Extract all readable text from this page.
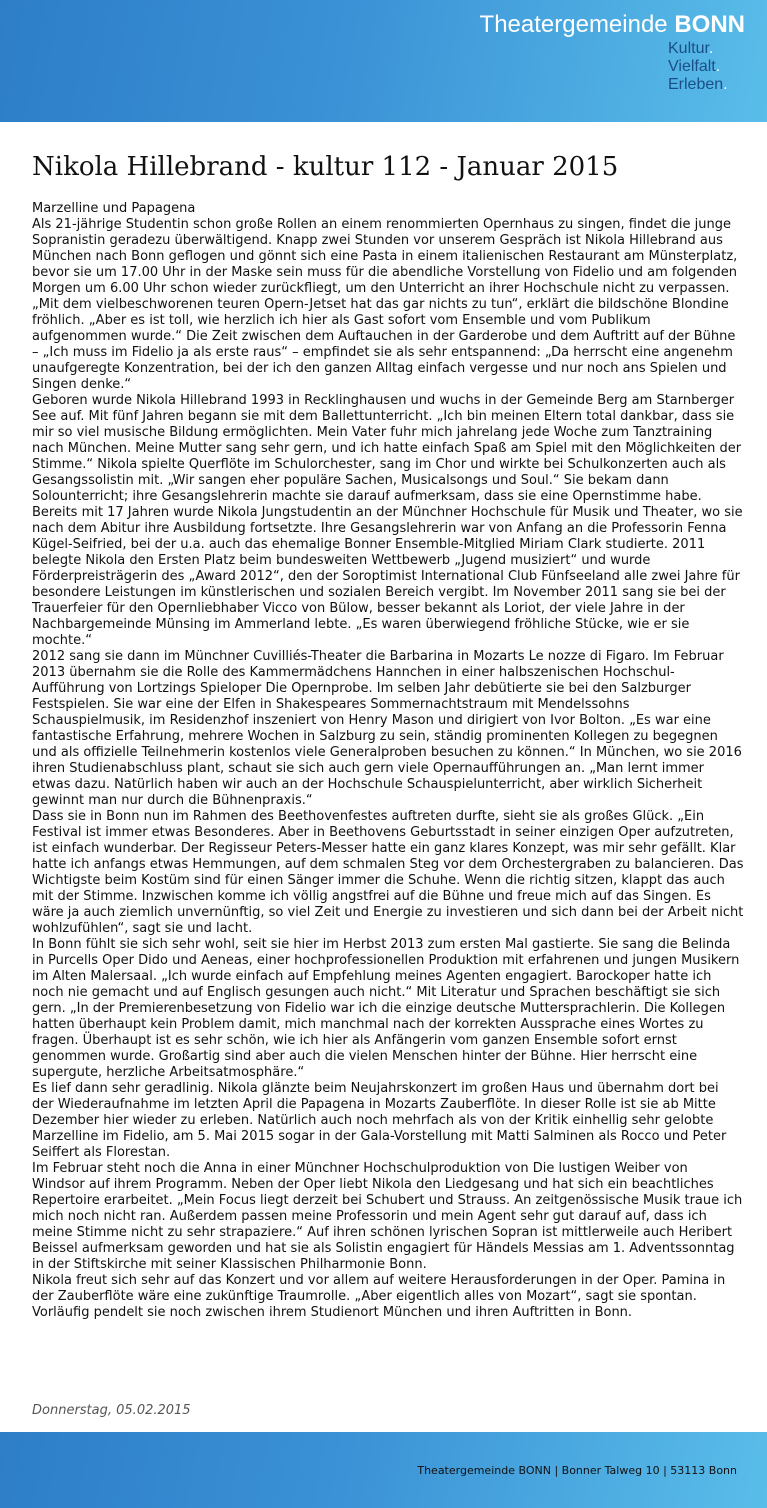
Theatergemeinde BONN
Kultur.
Vielfalt.
Erleben.
Nikola Hillebrand - kultur 112 - Januar 2015

Marzelline und Papagena

Als 21-jährige Studentin schon große Rollen an einem renommierten Opernhaus zu singen, findet die junge Sopranistin geradezu überwältigend. Knapp zwei Stunden vor unserem Gespräch ist Nikola Hillebrand aus München nach Bonn geflogen und gönnt sich eine Pasta in einem italienischen Restaurant am Münsterplatz, bevor sie um 17.00 Uhr in der Maske sein muss für die abendliche Vorstellung von Fidelio und am folgenden Morgen um 6.00 Uhr schon wieder zurückfliegt, um den Unterricht an ihrer Hochschule nicht zu verpassen. „Mit dem vielbeschworenen teuren Opern-Jetset hat das gar nichts zu tun“, erklärt die bildschöne Blondine fröhlich. „Aber es ist toll, wie herzlich ich hier als Gast sofort vom Ensemble und vom Publikum aufgenommen wurde.“ Die Zeit zwischen dem Auftauchen in der Garderobe und dem Auftritt auf der Bühne – „Ich muss im Fidelio ja als erste raus“ – empfindet sie als sehr entspannend: „Da herrscht eine angenehm unaufgeregte Konzentration, bei der ich den ganzen Alltag einfach vergesse und nur noch ans Spielen und Singen denke.“

Geboren wurde Nikola Hillebrand 1993 in Recklinghausen und wuchs in der Gemeinde Berg am Starnberger See auf. Mit fünf Jahren begann sie mit dem Ballettunterricht. „Ich bin meinen Eltern total dankbar, dass sie mir so viel musische Bildung ermöglichten. Mein Vater fuhr mich jahrelang jede Woche zum Tanztraining nach München. Meine Mutter sang sehr gern, und ich hatte einfach Spaß am Spiel mit den Möglichkeiten der Stimme.“ Nikola spielte Querflöte im Schulorchester, sang im Chor und wirkte bei Schulkonzerten auch als Gesangssolistin mit. „Wir sangen eher populäre Sachen, Musicalsongs und Soul.“ Sie bekam dann Solounterricht; ihre Gesangslehrerin machte sie darauf aufmerksam, dass sie eine Opernstimme habe.

Bereits mit 17 Jahren wurde Nikola Jungstudentin an der Münchner Hochschule für Musik und Theater, wo sie nach dem Abitur ihre Ausbildung fortsetzte. Ihre Gesangslehrerin war von Anfang an die Professorin Fenna Kügel-Seifried, bei der u.a. auch das ehemalige Bonner Ensemble-Mitglied Miriam Clark studierte. 2011 belegte Nikola den Ersten Platz beim bundesweiten Wettbewerb „Jugend musiziert“ und wurde Förderpreisträgerin des „Award 2012“, den der Soroptimist International Club Fünfseeland alle zwei Jahre für besondere Leistungen im künstlerischen und sozialen Bereich vergibt. Im November 2011 sang sie bei der Trauerfeier für den Opernliebhaber Vicco von Bülow, besser bekannt als Loriot, der viele Jahre in der Nachbargemeinde Münsing im Ammerland lebte. „Es waren überwiegend fröhliche Stücke, wie er sie mochte.“

2012 sang sie dann im Münchner Cuvilliés-Theater die Barbarina in Mozarts Le nozze di Figaro. Im Februar 2013 übernahm sie die Rolle des Kammermädchens Hannchen in einer halbszenischen Hochschul-Aufführung von Lortzings Spieloper Die Opernprobe. Im selben Jahr debütierte sie bei den Salzburger Festspielen. Sie war eine der Elfen in Shakespeares Sommernachtstraum mit Mendelssohns Schauspielmusik, im Residenzhof inszeniert von Henry Mason und dirigiert von Ivor Bolton. „Es war eine fantastische Erfahrung, mehrere Wochen in Salzburg zu sein, ständig prominenten Kollegen zu begegnen und als offizielle Teilnehmerin kostenlos viele Generalproben besuchen zu können.“ In München, wo sie 2016 ihren Studienabschluss plant, schaut sie sich auch gern viele Opernaufführungen an. „Man lernt immer etwas dazu. Natürlich haben wir auch an der Hochschule Schauspielunterricht, aber wirklich Sicherheit gewinnt man nur durch die Bühnenpraxis.“

Dass sie in Bonn nun im Rahmen des Beethovenfestes auftreten durfte, sieht sie als großes Glück. „Ein Festival ist immer etwas Besonderes. Aber in Beethovens Geburtsstadt in seiner einzigen Oper aufzutreten, ist einfach wunderbar. Der Regisseur Peters-Messer hatte ein ganz klares Konzept, was mir sehr gefällt. Klar hatte ich anfangs etwas Hemmungen, auf dem schmalen Steg vor dem Orchestergraben zu balancieren. Das Wichtigste beim Kostüm sind für einen Sänger immer die Schuhe. Wenn die richtig sitzen, klappt das auch mit der Stimme. Inzwischen komme ich völlig angstfrei auf die Bühne und freue mich auf das Singen. Es wäre ja auch ziemlich unvernünftig, so viel Zeit und Energie zu investieren und sich dann bei der Arbeit nicht wohlzufühlen“, sagt sie und lacht.

In Bonn fühlt sie sich sehr wohl, seit sie hier im Herbst 2013 zum ersten Mal gastierte. Sie sang die Belinda in Purcells Oper Dido und Aeneas, einer hochprofessionellen Produktion mit erfahrenen und jungen Musikern im Alten Malersaal. „Ich wurde einfach auf Empfehlung meines Agenten engagiert. Barockoper hatte ich noch nie gemacht und auf Englisch gesungen auch nicht.“ Mit Literatur und Sprachen beschäftigt sie sich gern. „In der Premierenbesetzung von Fidelio war ich die einzige deutsche Muttersprachlerin. Die Kollegen hatten überhaupt kein Problem damit, mich manchmal nach der korrekten Aussprache eines Wortes zu fragen. Überhaupt ist es sehr schön, wie ich hier als Anfängerin vom ganzen Ensemble sofort ernst genommen wurde. Großartig sind aber auch die vielen Menschen hinter der Bühne. Hier herrscht eine supergute, herzliche Arbeitsatmosphäre.“

Es lief dann sehr geradlinig. Nikola glänzte beim Neujahrskonzert im großen Haus und übernahm dort bei der Wiederaufnahme im letzten April die Papagena in Mozarts Zauberflöte. In dieser Rolle ist sie ab Mitte Dezember hier wieder zu erleben. Natürlich auch noch mehrfach als von der Kritik einhellig sehr gelobte Marzelline im Fidelio, am 5. Mai 2015 sogar in der Gala-Vorstellung mit Matti Salminen als Rocco und Peter Seiffert als Florestan.

Im Februar steht noch die Anna in einer Münchner Hochschulproduktion von Die lustigen Weiber von Windsor auf ihrem Programm. Neben der Oper liebt Nikola den Liedgesang und hat sich ein beachtliches Repertoire erarbeitet. „Mein Focus liegt derzeit bei Schubert und Strauss. An zeitgenössische Musik traue ich mich noch nicht ran. Außerdem passen meine Professorin und mein Agent sehr gut darauf auf, dass ich meine Stimme nicht zu sehr strapaziere.“ Auf ihren schönen lyrischen Sopran ist mittlerweile auch Heribert Beissel aufmerksam geworden und hat sie als Solistin engagiert für Händels Messias am 1. Adventssonntag in der Stiftskirche mit seiner Klassischen Philharmonie Bonn.

Nikola freut sich sehr auf das Konzert und vor allem auf weitere Herausforderungen in der Oper. Pamina in der Zauberflöte wäre eine zukünftige Traumrolle. „Aber eigentlich alles von Mozart“, sagt sie spontan. Vorläufig pendelt sie noch zwischen ihrem Studienort München und ihren Auftritten in Bonn.

Donnerstag, 05.02.2015
Theatergemeinde BONN | Bonner Talweg 10 | 53113 Bonn
